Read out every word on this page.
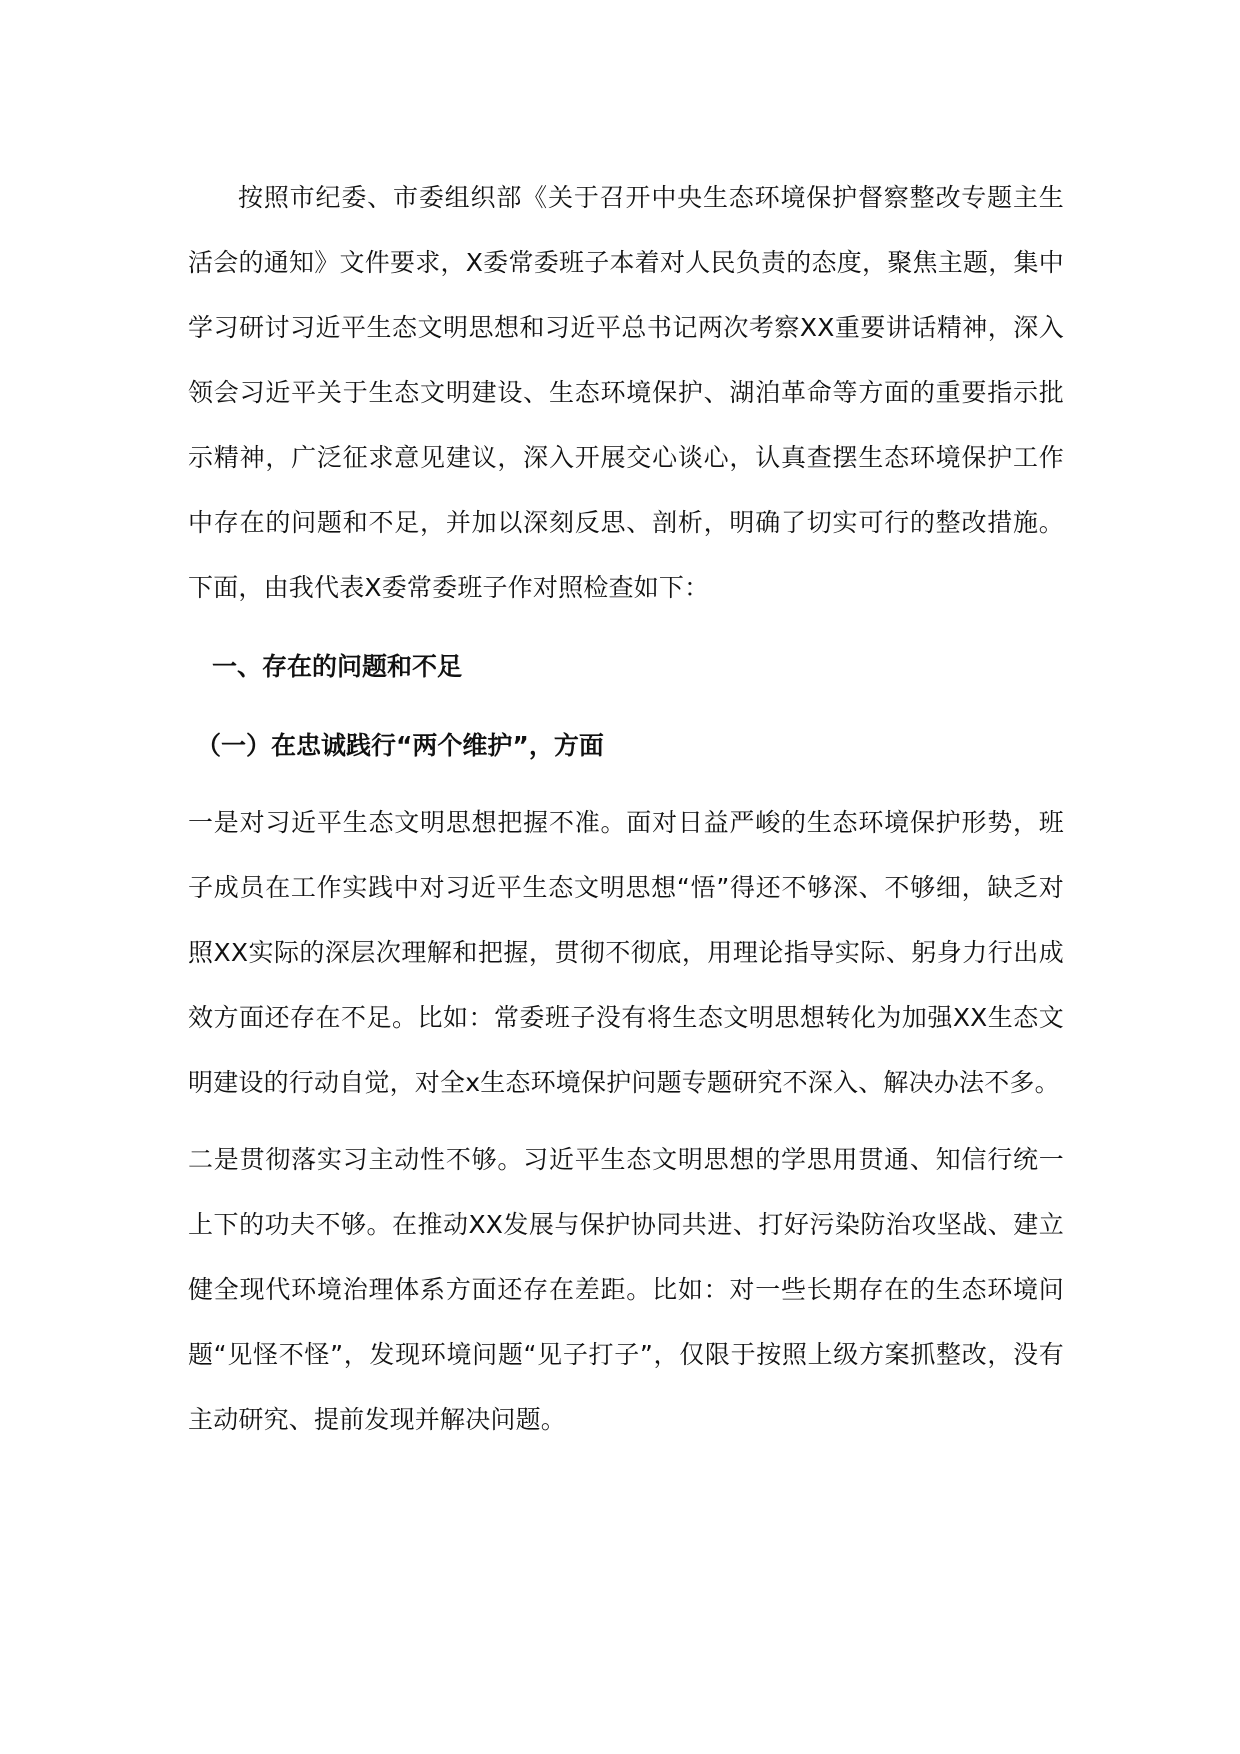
按照市纪委、市委组织部《关于召开中央生态环境保护督察整改专题主生活会的通知》文件要求，X委常委班子本着对人民负责的态度，聚焦主题，集中学习研讨习近平生态文明思想和习近平总书记两次考察XX重要讲话精神，深入领会习近平关于生态文明建设、生态环境保护、湖泊革命等方面的重要指示批示精神，广泛征求意见建议，深入开展交心谈心，认真查摆生态环境保护工作中存在的问题和不足，并加以深刻反思、剖析，明确了切实可行的整改措施。下面，由我代表X委常委班子作对照检查如下：

一、存在的问题和不足
（一）在忠诚践行“两个维护”，方面

一是对习近平生态文明思想把握不准。面对日益严峻的生态环境保护形势，班子成员在工作实践中对习近平生态文明思想“悟”得还不够深、不够细，缺乏对照XX实际的深层次理解和把握，贯彻不彻底，用理论指导实际、躬身力行出成效方面还存在不足。比如：常委班子没有将生态文明思想转化为加强XX生态文明建设的行动自觉，对全x生态环境保护问题专题研究不深入、解决办法不多。

二是贯彻落实习主动性不够。习近平生态文明思想的学思用贯通、知信行统一上下的功夫不够。在推动XX发展与保护协同共进、打好污染防治攻坚战、建立健全现代环境治理体系方面还存在差距。比如：对一些长期存在的生态环境问题“见怪不怪”，发现环境问题“见子打子”，仅限于按照上级方案抓整改，没有主动研究、提前发现并解决问题。
